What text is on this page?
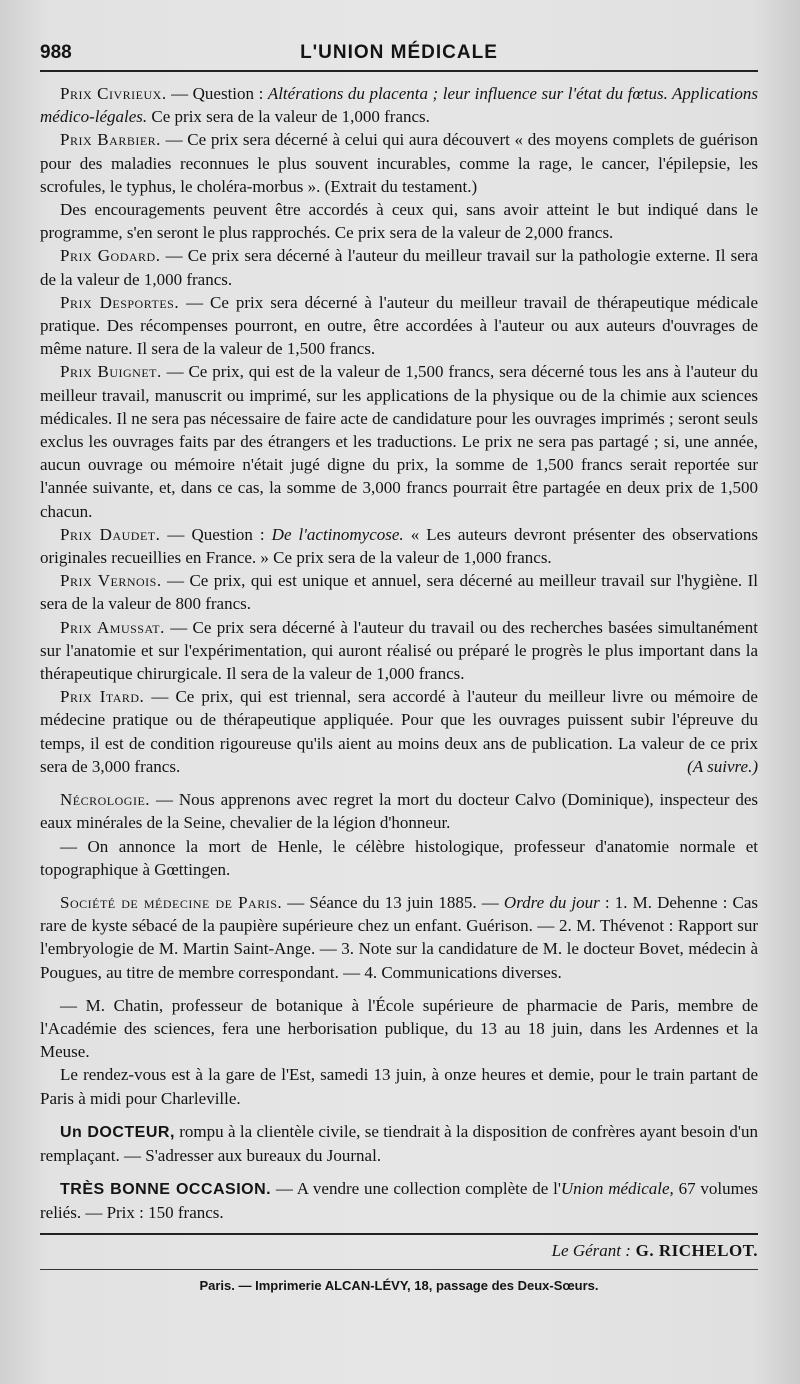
988	L'UNION MÉDICALE

Prix Civrieux. — Question : Altérations du placenta ; leur influence sur l'état du fœtus. Applications médico-légales. Ce prix sera de la valeur de 1,000 francs.

Prix Barbier. — Ce prix sera décerné à celui qui aura découvert « des moyens complets de guérison pour des maladies reconnues le plus souvent incurables, comme la rage, le cancer, l'épilepsie, les scrofules, le typhus, le choléra-morbus ». (Extrait du testament.)

Des encouragements peuvent être accordés à ceux qui, sans avoir atteint le but indiqué dans le programme, s'en seront le plus rapprochés. Ce prix sera de la valeur de 2,000 francs.

Prix Godard. — Ce prix sera décerné à l'auteur du meilleur travail sur la pathologie externe. Il sera de la valeur de 1,000 francs.

Prix Desportes. — Ce prix sera décerné à l'auteur du meilleur travail de thérapeutique médicale pratique. Des récompenses pourront, en outre, être accordées à l'auteur ou aux auteurs d'ouvrages de même nature. Il sera de la valeur de 1,500 francs.

Prix Buignet. — Ce prix, qui est de la valeur de 1,500 francs, sera décerné tous les ans à l'auteur du meilleur travail, manuscrit ou imprimé, sur les applications de la physique ou de la chimie aux sciences médicales. Il ne sera pas nécessaire de faire acte de candidature pour les ouvrages imprimés ; seront seuls exclus les ouvrages faits par des étrangers et les traductions. Le prix ne sera pas partagé ; si, une année, aucun ouvrage ou mémoire n'était jugé digne du prix, la somme de 1,500 francs serait reportée sur l'année suivante, et, dans ce cas, la somme de 3,000 francs pourrait être partagée en deux prix de 1,500 chacun.

Prix Daudet. — Question : De l'actinomycose. « Les auteurs devront présenter des observations originales recueillies en France. » Ce prix sera de la valeur de 1,000 francs.

Prix Vernois. — Ce prix, qui est unique et annuel, sera décerné au meilleur travail sur l'hygiène. Il sera de la valeur de 800 francs.

Prix Amussat. — Ce prix sera décerné à l'auteur du travail ou des recherches basées simultanément sur l'anatomie et sur l'expérimentation, qui auront réalisé ou préparé le progrès le plus important dans la thérapeutique chirurgicale. Il sera de la valeur de 1,000 francs.

Prix Itard. — Ce prix, qui est triennal, sera accordé à l'auteur du meilleur livre ou mémoire de médecine pratique ou de thérapeutique appliquée. Pour que les ouvrages puissent subir l'épreuve du temps, il est de condition rigoureuse qu'ils aient au moins deux ans de publication. La valeur de ce prix sera de 3,000 francs.	(A suivre.)

Nécrologie. — Nous apprenons avec regret la mort du docteur Calvo (Dominique), inspecteur des eaux minérales de la Seine, chevalier de la légion d'honneur.

— On annonce la mort de Henle, le célèbre histologique, professeur d'anatomie normale et topographique à Gœttingen.

Société de médecine de Paris. — Séance du 13 juin 1885. — Ordre du jour : 1. M. Dehenne : Cas rare de kyste sébacé de la paupière supérieure chez un enfant. Guérison. — 2. M. Thévenot : Rapport sur l'embryologie de M. Martin Saint-Ange. — 3. Note sur la candidature de M. le docteur Bovet, médecin à Pougues, au titre de membre correspondant. — 4. Communications diverses.

— M. Chatin, professeur de botanique à l'École supérieure de pharmacie de Paris, membre de l'Académie des sciences, fera une herborisation publique, du 13 au 18 juin, dans les Ardennes et la Meuse.

Le rendez-vous est à la gare de l'Est, samedi 13 juin, à onze heures et demie, pour le train partant de Paris à midi pour Charleville.

Un DOCTEUR, rompu à la clientèle civile, se tiendrait à la disposition de confrères ayant besoin d'un remplaçant. — S'adresser aux bureaux du Journal.

TRÈS BONNE OCCASION. — A vendre une collection complète de l'Union médicale, 67 volumes reliés. — Prix : 150 francs.

Le Gérant : G. RICHELOT.
Paris. — Imprimerie ALCAN-LÉVY, 18, passage des Deux-Sœurs.
